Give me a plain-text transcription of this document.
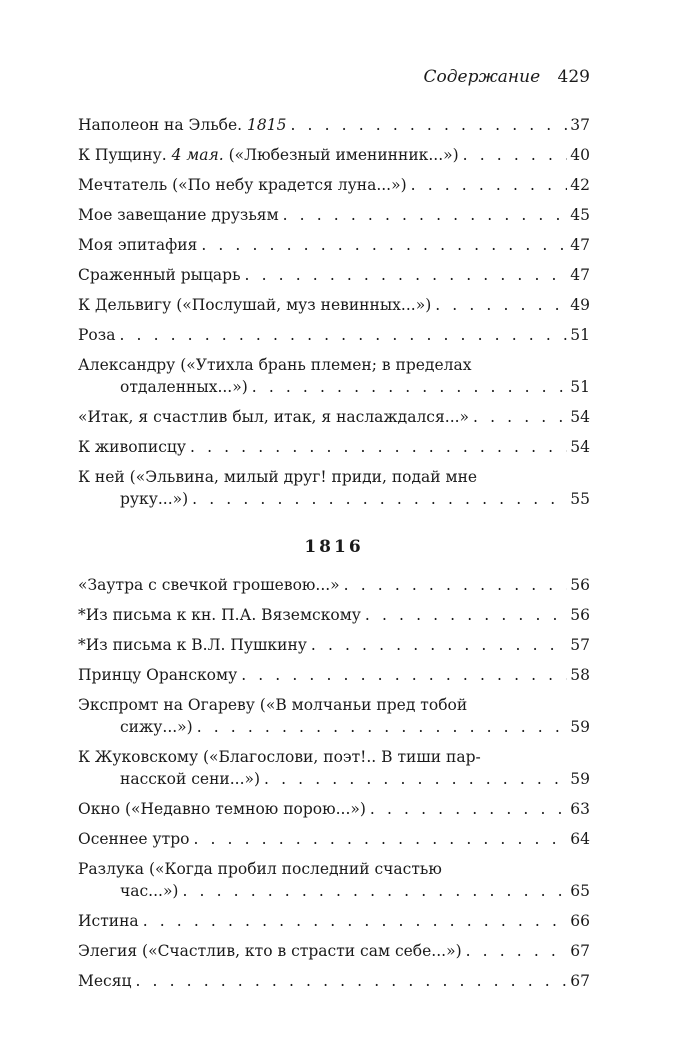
Содержание 429
Наполеон на Эльбе. 1815 . . .	37
К Пущину. 4 мая. («Любезный именинник...») . . .	40
Мечтатель («По небу крадется луна...») . . .	42
Мое завещание друзьям . . .	45
Моя эпитафия . . .	47
Сраженный рыцарь . . .	47
К Дельвигу («Послушай, муз невинных...») . . .	49
Роза . . .	51
Александру («Утихла брань племен; в пределах
отдаленных...») . . .	51
«Итак, я счастлив был, итак, я наслаждался...» . . .	54
К живописцу . . .	54
К ней («Эльвина, милый друг! приди, подай мне
руку...») . . .	55
1816
«Заутра с свечкой грошевою...» . . .	56
*Из письма к кн. П.А. Вяземскому . . .	56
*Из письма к В.Л. Пушкину . . .	57
Принцу Оранскому . . .	58
Экспромт на Огареву («В молчаньи пред тобой
сижу...») . . .	59
К Жуковскому («Благослови, поэт!.. В тиши пар-
насской сени...») . . .	59
Окно («Недавно темною порою...») . . .	63
Осеннее утро . . .	64
Разлука («Когда пробил последний счастью
час...») . . .	65
Истина . . .	66
Элегия («Счастлив, кто в страсти сам себе...») . . .	67
Месяц . . .	67
